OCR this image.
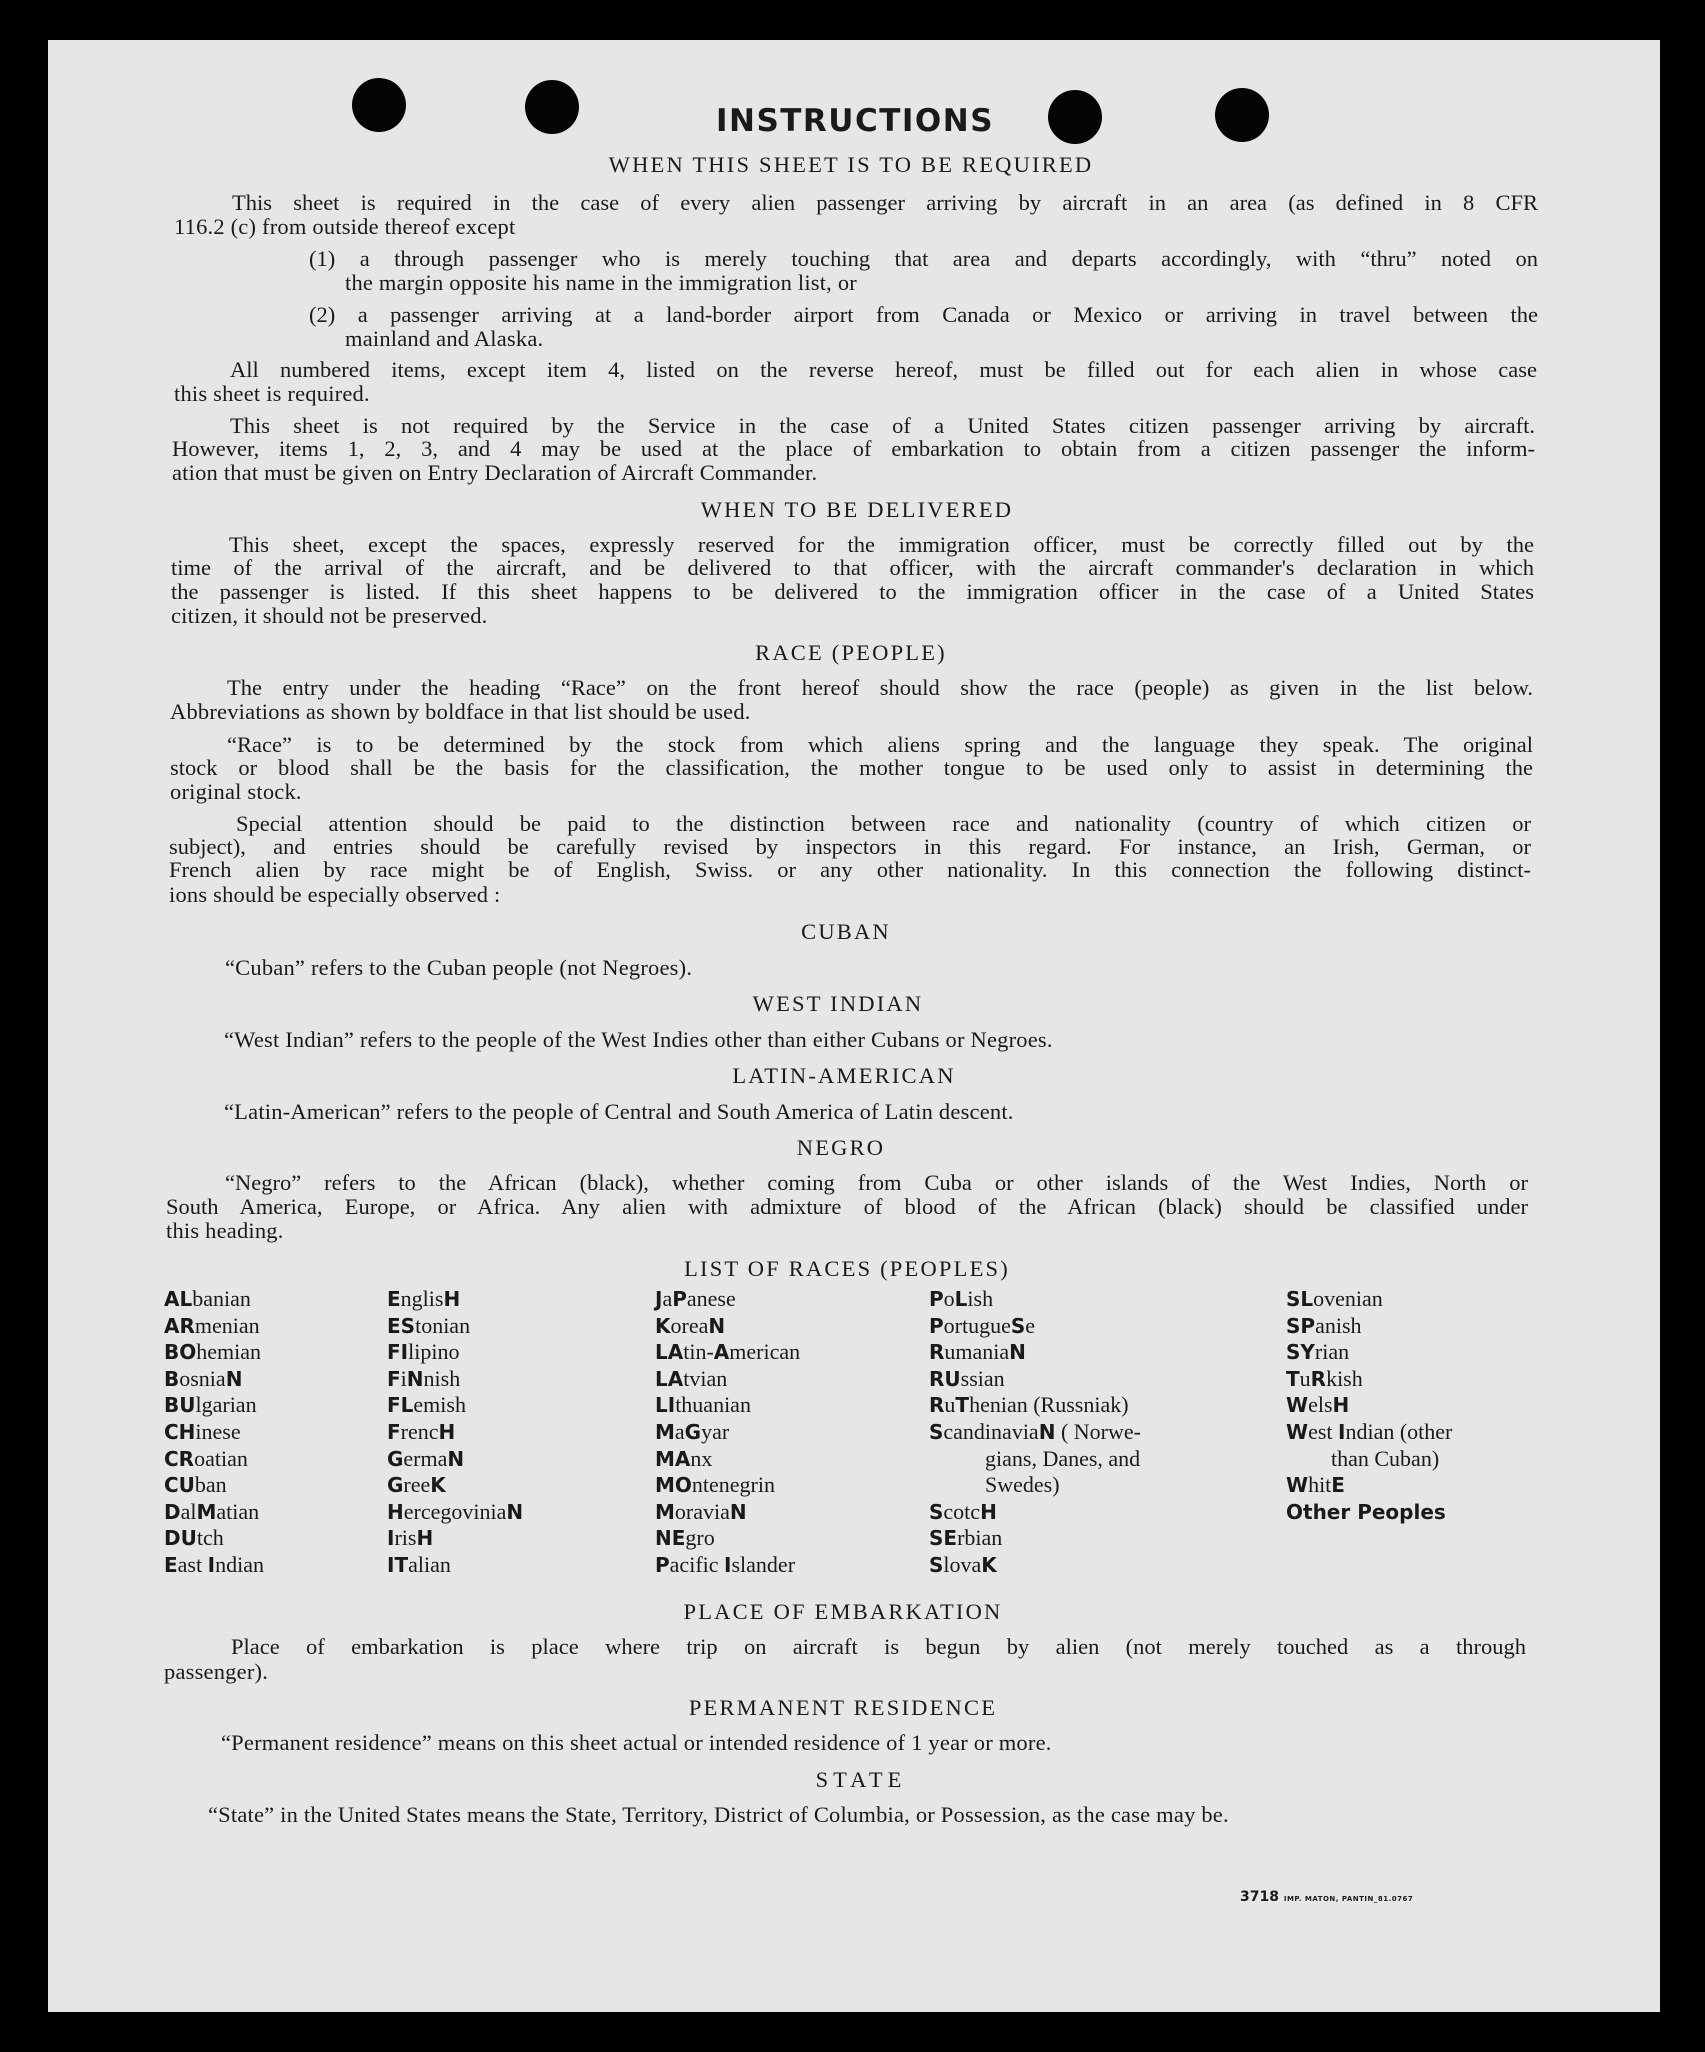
INSTRUCTIONS
WHEN THIS SHEET IS TO BE REQUIRED
This sheet is required in the case of every alien passenger arriving by aircraft in an area (as defined in 8 CFR
116.2 (c) from outside thereof except
(1) a through passenger who is merely touching that area and departs accordingly, with “thru” noted on
the margin opposite his name in the immigration list, or
(2) a passenger arriving at a land-border airport from Canada or Mexico or arriving in travel between the
mainland and Alaska.
All numbered items, except item 4, listed on the reverse hereof, must be filled out for each alien in whose case
this sheet is required.
This sheet is not required by the Service in the case of a United States citizen passenger arriving by aircraft.
However, items 1, 2, 3, and 4 may be used at the place of embarkation to obtain from a citizen passenger the inform-
ation that must be given on Entry Declaration of Aircraft Commander.
WHEN TO BE DELIVERED
This sheet, except the spaces, expressly reserved for the immigration officer, must be correctly filled out by the
time of the arrival of the aircraft, and be delivered to that officer, with the aircraft commander's declaration in which
the passenger is listed. If this sheet happens to be delivered to the immigration officer in the case of a United States
citizen, it should not be preserved.
RACE (PEOPLE)
The entry under the heading “Race” on the front hereof should show the race (people) as given in the list below.
Abbreviations as shown by boldface in that list should be used.
“Race” is to be determined by the stock from which aliens spring and the language they speak. The original
stock or blood shall be the basis for the classification, the mother tongue to be used only to assist in determining the
original stock.
Special attention should be paid to the distinction between race and nationality (country of which citizen or
subject), and entries should be carefully revised by inspectors in this regard. For instance, an Irish, German, or
French alien by race might be of English, Swiss. or any other nationality. In this connection the following distinct-
ions should be especially observed :
CUBAN
“Cuban” refers to the Cuban people (not Negroes).
WEST INDIAN
“West Indian” refers to the people of the West Indies other than either Cubans or Negroes.
LATIN-AMERICAN
“Latin-American” refers to the people of Central and South America of Latin descent.
NEGRO
“Negro” refers to the African (black), whether coming from Cuba or other islands of the West Indies, North or
South America, Europe, or Africa. Any alien with admixture of blood of the African (black) should be classified under
this heading.
LIST OF RACES (PEOPLES)
ALbanian
ARmenian
BOhemian
BosniaN
BUlgarian
CHinese
CRoatian
CUban
DalMatian
DUtch
East Indian
EnglisH
EStonian
FIlipino
FiNnish
FLemish
FrencH
GermaN
GreeK
HercegoviniaN
IrisH
ITalian
JaPanese
KoreaN
LAtin-American
LAtvian
LIthuanian
MaGyar
MAnx
MOntenegrin
MoraviaN
NEgro
Pacific Islander
PoLish
PortugueSe
RumaniaN
RUssian
RuThenian (Russniak)
ScandinaviaN ( Norwe-
gians, Danes, and
Swedes)
ScotcH
SErbian
SlovaK
SLovenian
SPanish
SYrian
TuRkish
WelsH
West Indian (other
than Cuban)
WhitE
Other Peoples
PLACE OF EMBARKATION
Place of embarkation is place where trip on aircraft is begun by alien (not merely touched as a through
passenger).
PERMANENT RESIDENCE
“Permanent residence” means on this sheet actual or intended residence of 1 year or more.
STATE
“State” in the United States means the State, Territory, District of Columbia, or Possession, as the case may be.
3718 IMP. MATON, PANTIN_81.0767
